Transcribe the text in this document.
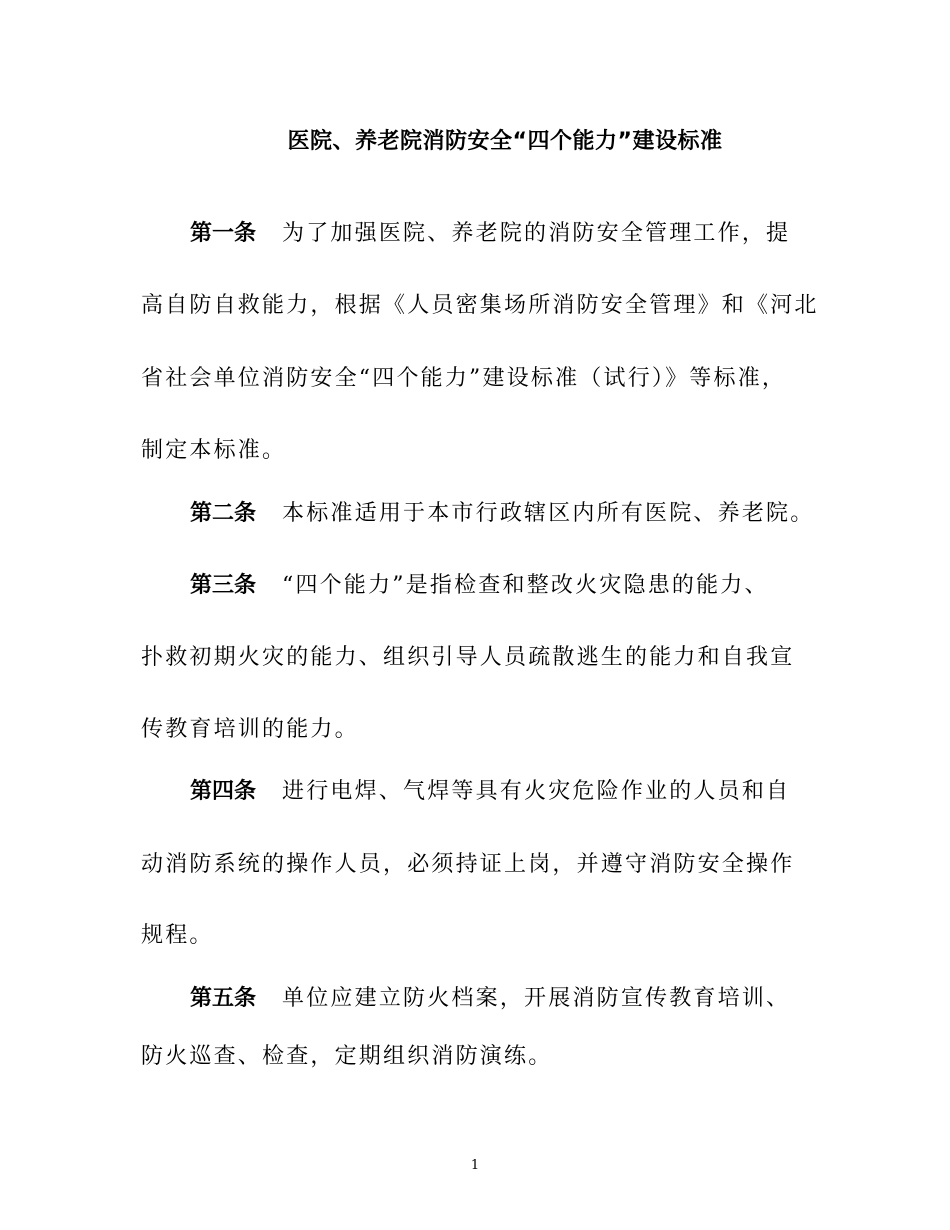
医院、养老院消防安全“四个能力”建设标准
第一条 为了加强医院、养老院的消防安全管理工作，提
高自防自救能力，根据《人员密集场所消防安全管理》和《河北
省社会单位消防安全“四个能力”建设标准（试行）》等标准，
制定本标准。
第二条 本标准适用于本市行政辖区内所有医院、养老院。
第三条 “四个能力”是指检查和整改火灾隐患的能力、
扑救初期火灾的能力、组织引导人员疏散逃生的能力和自我宣
传教育培训的能力。
第四条 进行电焊、气焊等具有火灾危险作业的人员和自
动消防系统的操作人员，必须持证上岗，并遵守消防安全操作
规程。
第五条 单位应建立防火档案，开展消防宣传教育培训、
防火巡查、检查，定期组织消防演练。
1
